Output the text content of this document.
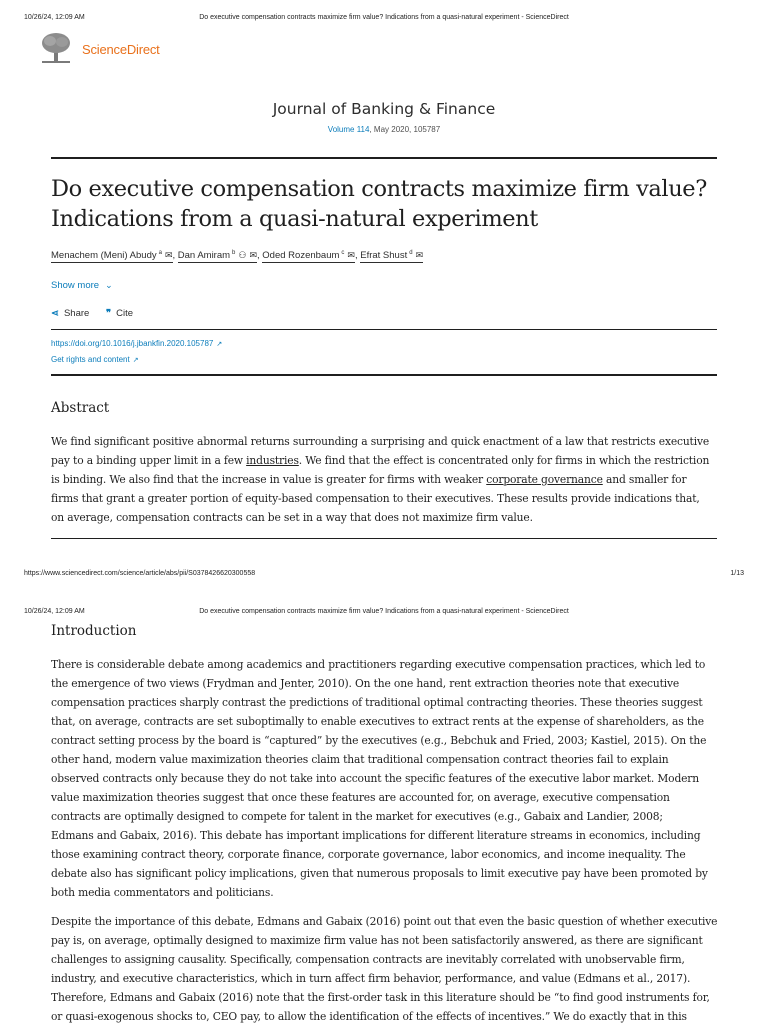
10/26/24, 12:09 AM	Do executive compensation contracts maximize firm value? Indications from a quasi-natural experiment - ScienceDirect
ScienceDirect
Journal of Banking & Finance
Volume 114, May 2020, 105787
Do executive compensation contracts maximize firm value?
Indications from a quasi-natural experiment
Menachem (Meni) Abudy $^a$ ✉, Dan Amiram $^b$ ⚇ ✉, Oded Rozenbaum $^c$ ✉, Efrat Shust $^d$ ✉
Show more ⌄
⋖ Share ❞ Cite
https://doi.org/10.1016/j.jbankfin.2020.105787 ↗
Get rights and content ↗
Abstract
We find significant positive abnormal returns surrounding a surprising and quick enactment of a law that restricts executive
pay to a binding upper limit in a few industries. We find that the effect is concentrated only for firms in which the restriction
is binding. We also find that the increase in value is greater for firms with weaker corporate governance and smaller for
firms that grant a greater portion of equity-based compensation to their executives. These results provide indications that,
on average, compensation contracts can be set in a way that does not maximize firm value.
https://www.sciencedirect.com/science/article/abs/pii/S0378426620300558	1/13
10/26/24, 12:09 AM	Do executive compensation contracts maximize firm value? Indications from a quasi-natural experiment - ScienceDirect
Introduction
There is considerable debate among academics and practitioners regarding executive compensation practices, which led to
the emergence of two views (Frydman and Jenter, 2010). On the one hand, rent extraction theories note that executive
compensation practices sharply contrast the predictions of traditional optimal contracting theories. These theories suggest
that, on average, contracts are set suboptimally to enable executives to extract rents at the expense of shareholders, as the
contract setting process by the board is “captured” by the executives (e.g., Bebchuk and Fried, 2003; Kastiel, 2015). On the
other hand, modern value maximization theories claim that traditional compensation contract theories fail to explain
observed contracts only because they do not take into account the specific features of the executive labor market. Modern
value maximization theories suggest that once these features are accounted for, on average, executive compensation
contracts are optimally designed to compete for talent in the market for executives (e.g., Gabaix and Landier, 2008;
Edmans and Gabaix, 2016). This debate has important implications for different literature streams in economics, including
those examining contract theory, corporate finance, corporate governance, labor economics, and income inequality. The
debate also has significant policy implications, given that numerous proposals to limit executive pay have been promoted by
both media commentators and politicians.
Despite the importance of this debate, Edmans and Gabaix (2016) point out that even the basic question of whether executive
pay is, on average, optimally designed to maximize firm value has not been satisfactorily answered, as there are significant
challenges to assigning causality. Specifically, compensation contracts are inevitably correlated with unobservable firm,
industry, and executive characteristics, which in turn affect firm behavior, performance, and value (Edmans et al., 2017).
Therefore, Edmans and Gabaix (2016) note that the first-order task in this literature should be “to find good instruments for,
or quasi-exogenous shocks to, CEO pay, to allow the identification of the effects of incentives.” We do exactly that in this
